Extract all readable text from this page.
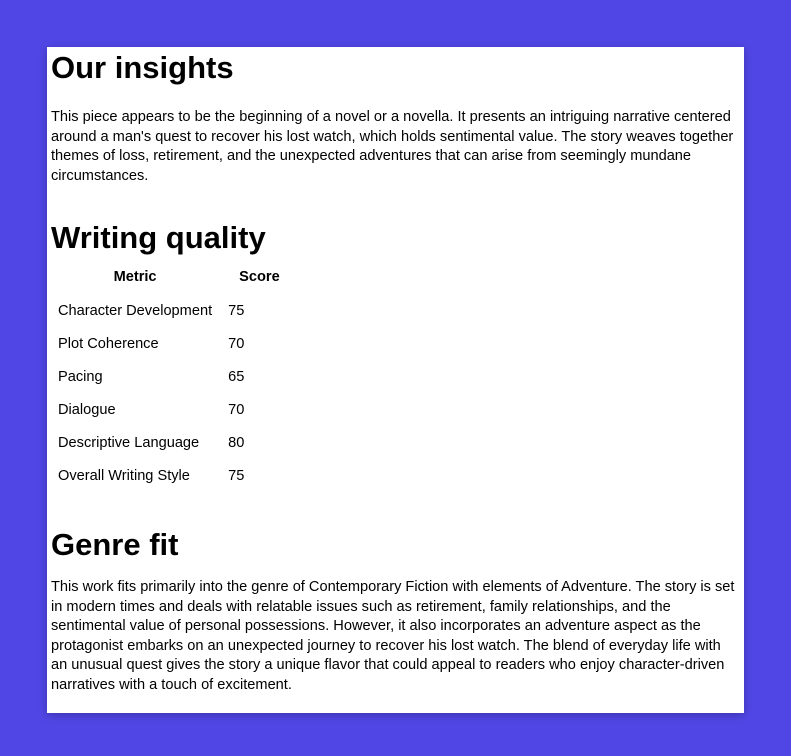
Our insights

This piece appears to be the beginning of a novel or a novella. It presents an intriguing narrative centered around a man's quest to recover his lost watch, which holds sentimental value. The story weaves together themes of loss, retirement, and the unexpected adventures that can arise from seemingly mundane circumstances.

Writing quality
Metric	Score
Character Development	75
Plot Coherence	70
Pacing	65
Dialogue	70
Descriptive Language	80
Overall Writing Style	75
Genre fit

This work fits primarily into the genre of Contemporary Fiction with elements of Adventure. The story is set in modern times and deals with relatable issues such as retirement, family relationships, and the sentimental value of personal possessions. However, it also incorporates an adventure aspect as the protagonist embarks on an unexpected journey to recover his lost watch. The blend of everyday life with an unusual quest gives the story a unique flavor that could appeal to readers who enjoy character-driven narratives with a touch of excitement.
